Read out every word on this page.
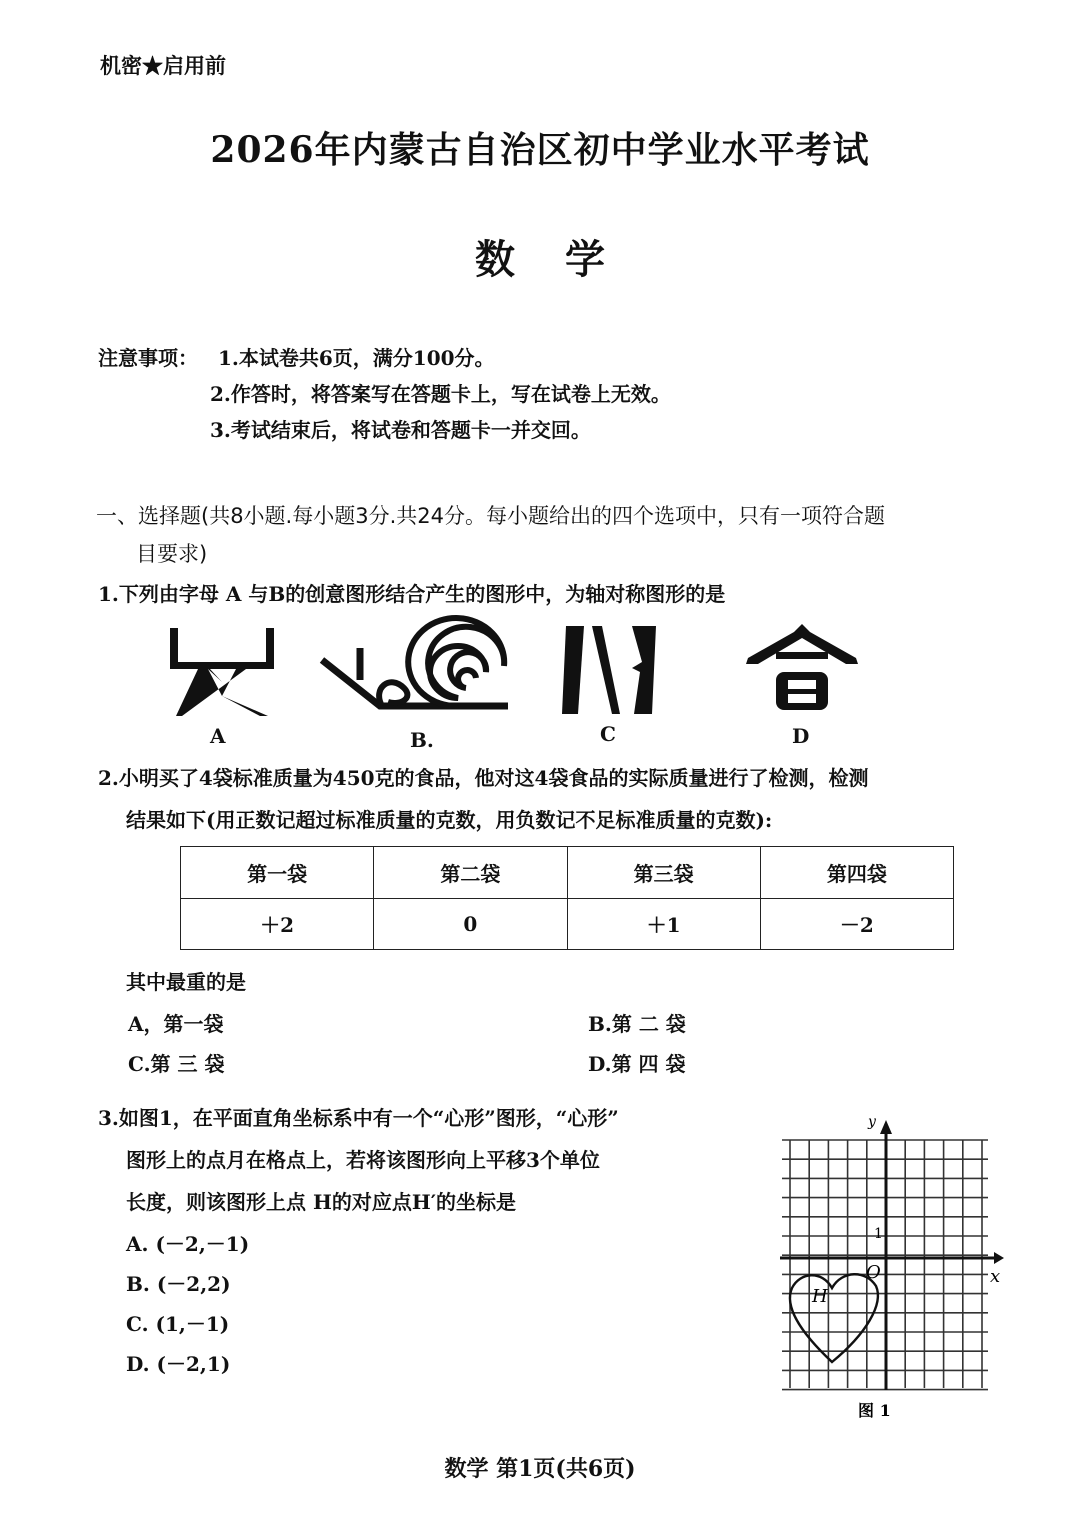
机密★启用前
2026年内蒙古自治区初中学业水平考试
数学
注意事项： 1.本试卷共6页，满分100分。
2.作答时，将答案写在答题卡上，写在试卷上无效。
3.考试结束后，将试卷和答题卡一并交回。
一、选择题(共8小题.每小题3分.共24分。每小题给出的四个选项中，只有一项符合题
目要求)
1.下列由字母 A 与B的创意图形结合产生的图形中，为轴对称图形的是
A	B.	C	D
2.小明买了4袋标准质量为450克的食品，他对这4袋食品的实际质量进行了检测，检测
结果如下(用正数记超过标准质量的克数，用负数记不足标准质量的克数):
第一袋	第二袋	第三袋	第四袋
＋2	0	＋1	－2
其中最重的是
A，第一袋	B.第 二 袋
C.第 三 袋	D.第 四 袋
3.如图1，在平面直角坐标系中有一个“心形”图形，“心形”
图形上的点月在格点上，若将该图形向上平移3个单位
长度，则该图形上点 H的对应点H′的坐标是
A. (－2,－1)
B. (－2,2)
C. (1,－1)
D. (－2,1)
x
y
O
1
H
图 1
数学 第1页(共6页)
